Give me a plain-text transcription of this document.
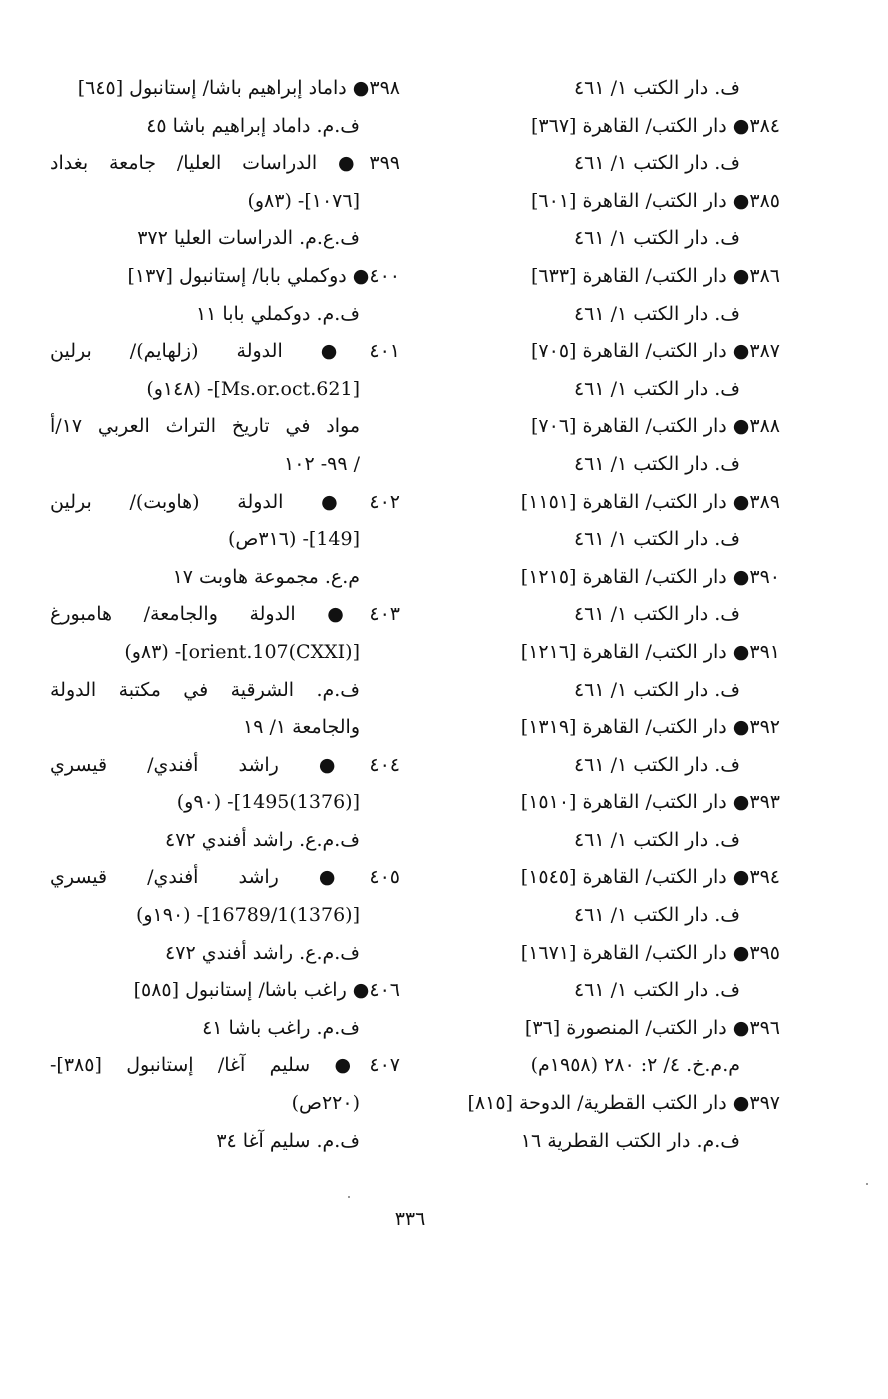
ف. دار الكتب ١/ ٤٦١
٣٨٤● دار الكتب/ القاهرة [٣٦٧]
ف. دار الكتب ١/ ٤٦١
٣٨٥● دار الكتب/ القاهرة [٦٠١]
ف. دار الكتب ١/ ٤٦١
٣٨٦● دار الكتب/ القاهرة [٦٣٣]
ف. دار الكتب ١/ ٤٦١
٣٨٧● دار الكتب/ القاهرة [٧٠٥]
ف. دار الكتب ١/ ٤٦١
٣٨٨● دار الكتب/ القاهرة [٧٠٦]
ف. دار الكتب ١/ ٤٦١
٣٨٩● دار الكتب/ القاهرة [١١٥١]
ف. دار الكتب ١/ ٤٦١
٣٩٠● دار الكتب/ القاهرة [١٢١٥]
ف. دار الكتب ١/ ٤٦١
٣٩١● دار الكتب/ القاهرة [١٢١٦]
ف. دار الكتب ١/ ٤٦١
٣٩٢● دار الكتب/ القاهرة [١٣١٩]
ف. دار الكتب ١/ ٤٦١
٣٩٣● دار الكتب/ القاهرة [١٥١٠]
ف. دار الكتب ١/ ٤٦١
٣٩٤● دار الكتب/ القاهرة [١٥٤٥]
ف. دار الكتب ١/ ٤٦١
٣٩٥● دار الكتب/ القاهرة [١٦٧١]
ف. دار الكتب ١/ ٤٦١
٣٩٦● دار الكتب/ المنصورة [٣٦]
م.م.خ. ٤/ ٢: ٢٨٠ (١٩٥٨م)
٣٩٧● دار الكتب القطرية/ الدوحة [٨١٥]
ف.م. دار الكتب القطرية ١٦
٣٩٨● داماد إبراهيم باشا/ إستانبول [٦٤٥]
ف.م. داماد إبراهيم باشا ٤٥
٣٩٩● الدراسات العليا/ جامعة بغداد
[١٠٧٦]- (٨٣و)
ف.ع.م. الدراسات العليا ٣٧٢
٤٠٠● دوكملي بابا/ إستانبول [١٣٧]
ف.م. دوكملي بابا ١١
٤٠١● الدولة (زلهايم)/ برلين
[Ms.or.oct.621]- (١٤٨و)
مواد في تاريخ التراث العربي ١٧/أ
/ ٩٩- ١٠٢
٤٠٢● الدولة (هاوبت)/ برلين
[149]- (٣١٦ص)
م.ع. مجموعة هاوبت ١٧
٤٠٣● الدولة والجامعة/ هامبورغ
[orient.107(CXXI)]- (٨٣و)
ف.م. الشرقية في مكتبة الدولة
والجامعة ١/ ١٩
٤٠٤● راشد أفندي/ قيسري
[(1376)1495]- (٩٠و)
ف.م.ع. راشد أفندي ٤٧٢
٤٠٥● راشد أفندي/ قيسري
[(1376)16789/1]- (١٩٠و)
ف.م.ع. راشد أفندي ٤٧٢
٤٠٦● راغب باشا/ إستانبول [٥٨٥]
ف.م. راغب باشا ٤١
٤٠٧● سليم آغا/ إستانبول [٣٨٥]-
(٢٢٠ص)
ف.م. سليم آغا ٣٤
٣٣٦
